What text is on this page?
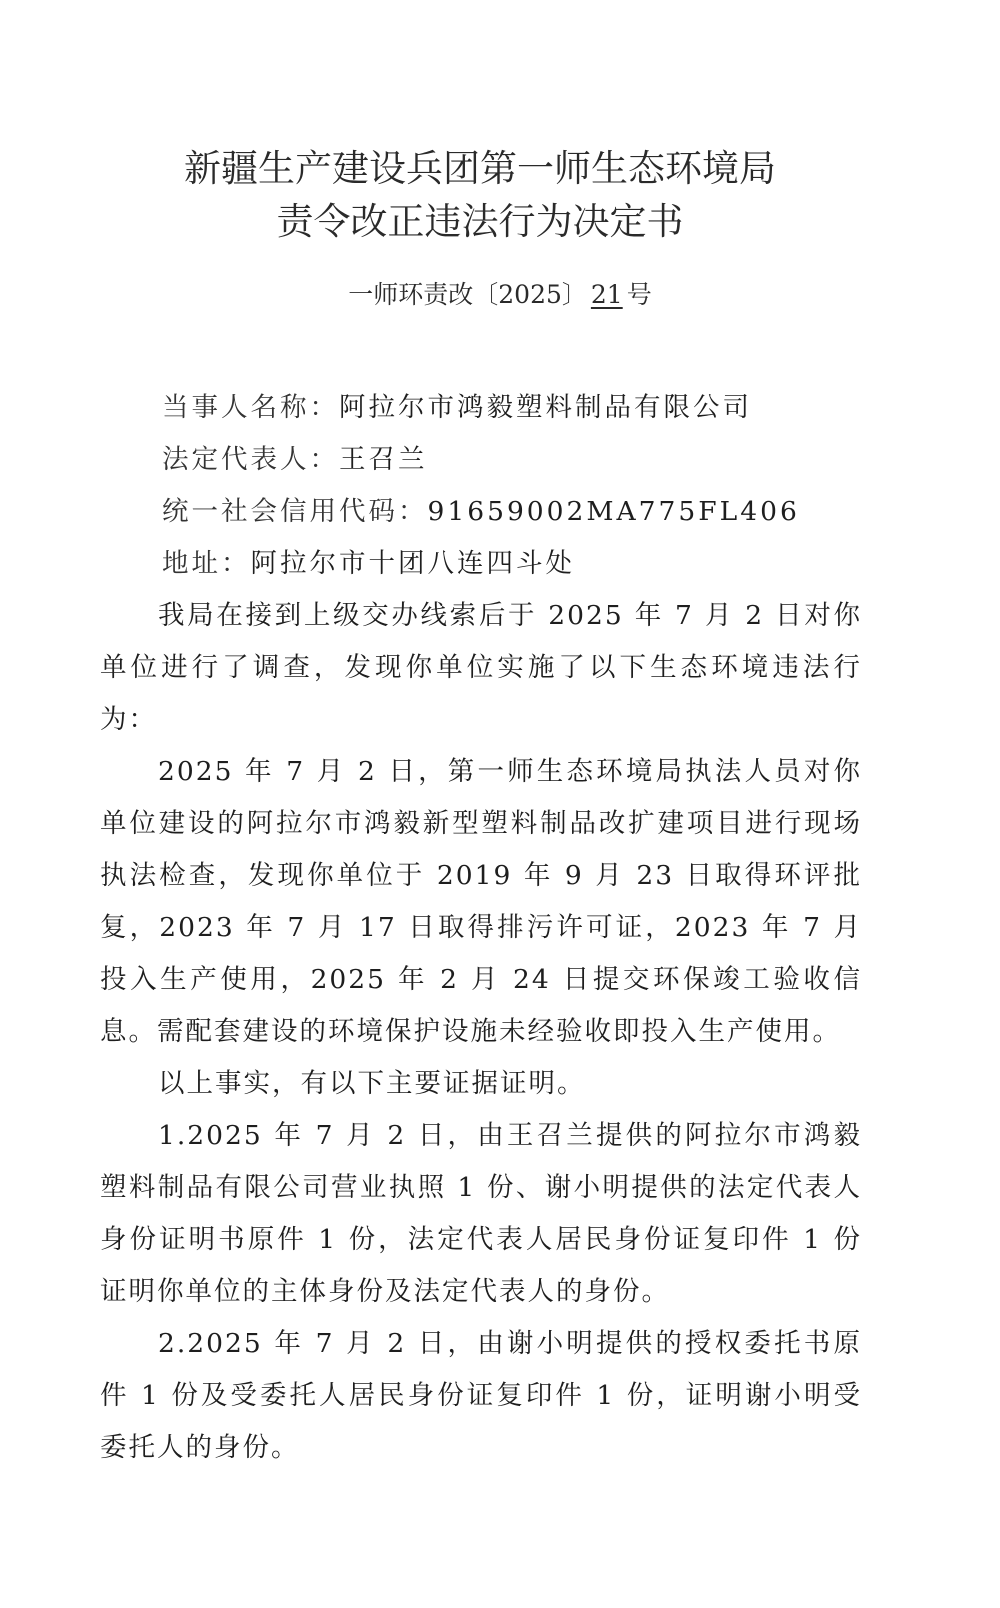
新疆生产建设兵团第一师生态环境局
责令改正违法行为决定书
一师环责改〔2025〕 21 号

当事人名称：阿拉尔市鸿毅塑料制品有限公司

法定代表人：王召兰

统一社会信用代码：91659002MA775FL406

地址：阿拉尔市十团八连四斗处

我局在接到上级交办线索后于 2025 年 7 月 2 日对你单位进行了调查，发现你单位实施了以下生态环境违法行为：

2025 年 7 月 2 日，第一师生态环境局执法人员对你单位建设的阿拉尔市鸿毅新型塑料制品改扩建项目进行现场执法检查，发现你单位于 2019 年 9 月 23 日取得环评批复，2023 年 7 月 17 日取得排污许可证，2023 年 7 月投入生产使用，2025 年 2 月 24 日提交环保竣工验收信息。需配套建设的环境保护设施未经验收即投入生产使用。

以上事实，有以下主要证据证明。

1.2025 年 7 月 2 日，由王召兰提供的阿拉尔市鸿毅塑料制品有限公司营业执照 1 份、谢小明提供的法定代表人身份证明书原件 1 份，法定代表人居民身份证复印件 1 份证明你单位的主体身份及法定代表人的身份。

2.2025 年 7 月 2 日，由谢小明提供的授权委托书原件 1 份及受委托人居民身份证复印件 1 份，证明谢小明受委托人的身份。
